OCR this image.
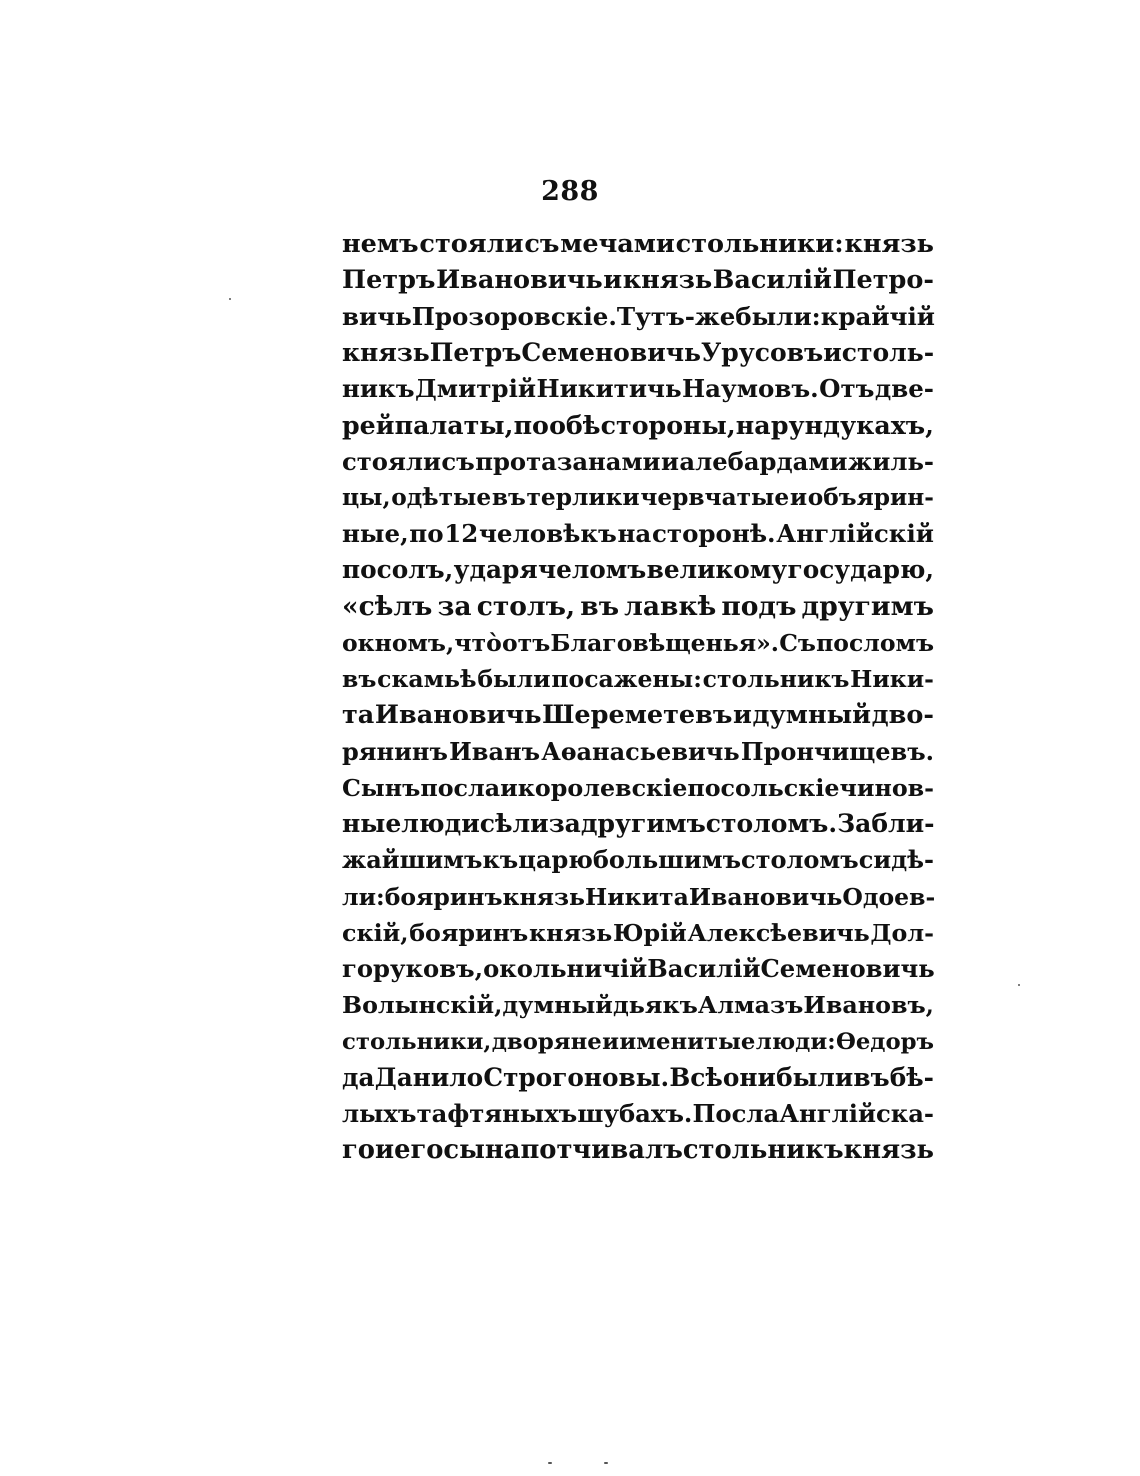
288
немъ стояли съ мечами стольники: князь
Петръ Ивановичь и князь Василій Петро-
вичь Прозоровскіе. Тутъ-же были: крайчій
князь Петръ Семеновичь Урусовъ и столь-
никъ Дмитрій Никитичь Наумовъ. Отъ две-
рей палаты, по обѣ стороны, на рундукахъ,
стояли съ протазанами и алебардами жиль-
цы, одѣтые въ терлики червчатые и объярин-
ные, по 12 человѣкъ на сторонѣ. Англійскій
посолъ, ударя челомъ великому государю,
«сѣлъ за столъ, въ лавкѣ подъ другимъ
окномъ, что̀ отъ Благовѣщенья». Съ посломъ
въ скамьѣ были посажены: стольникъ Ники-
та Ивановичь Шереметевъ и думный дво-
рянинъ Иванъ Аѳанасьевичь Прончищевъ.
Сынъ посла и королевскіе посольскіе чинов-
ные люди сѣли за другимъ столомъ. За бли-
жайшимъ къ царю большимъ столомъ сидѣ-
ли: бояринъ князь Никита Ивановичь Одоев-
скій, бояринъ князь Юрій Алексѣевичь Дол-
горуковъ, окольничій Василій Семеновичь
Волынскій, думный дьякъ Алмазъ Ивановъ,
стольники, дворяне и именитые люди: Ѳедоръ
да Данило Строгоновы. Всѣ они были въ бѣ-
лыхъ тафтяныхъ шубахъ. Посла Англійска-
го и его сына потчивалъ стольникъ князь
